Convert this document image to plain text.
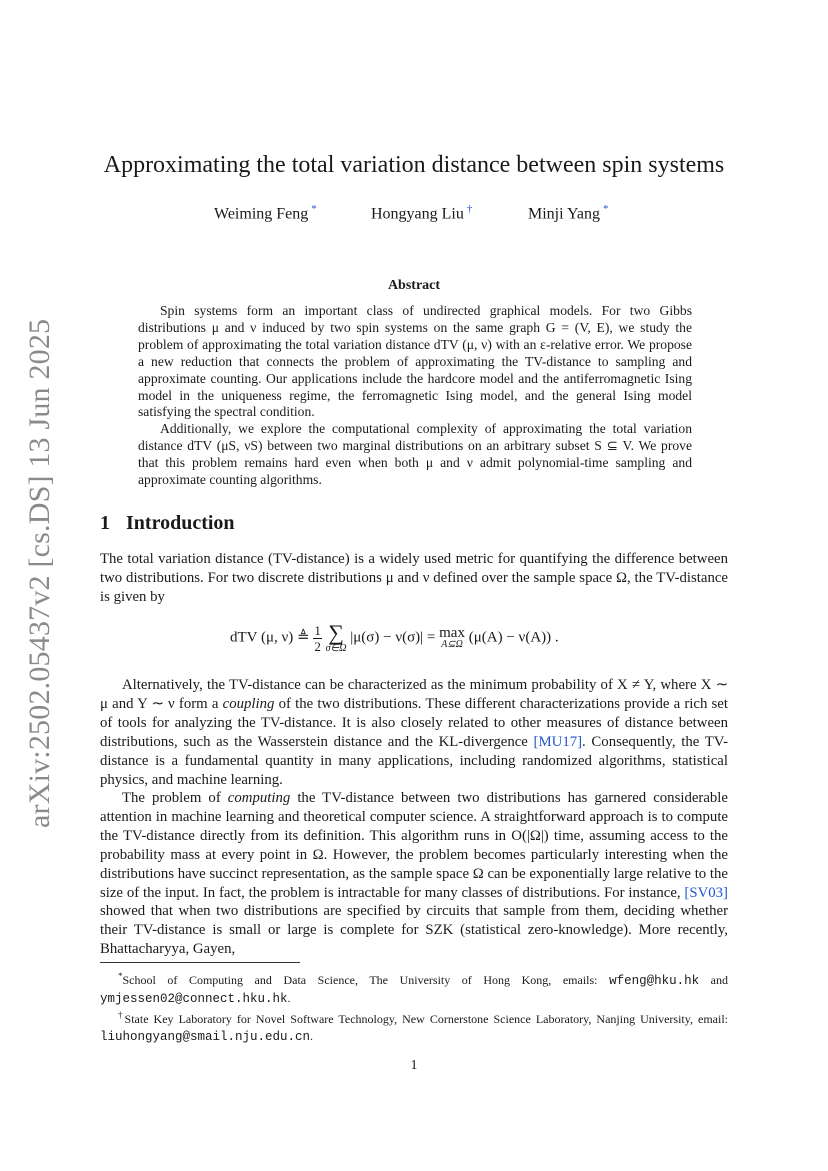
arXiv:2502.05437v2 [cs.DS] 13 Jun 2025
Approximating the total variation distance between spin systems
Weiming Feng *	Hongyang Liu †	Minji Yang *
Abstract

Spin systems form an important class of undirected graphical models. For two Gibbs distributions μ and ν induced by two spin systems on the same graph G = (V, E), we study the problem of approximating the total variation distance dTV (μ, ν) with an ε-relative error. We propose a new reduction that connects the problem of approximating the TV-distance to sampling and approximate counting. Our applications include the hardcore model and the antiferromagnetic Ising model in the uniqueness regime, the ferromagnetic Ising model, and the general Ising model satisfying the spectral condition.

Additionally, we explore the computational complexity of approximating the total variation distance dTV (μS, νS) between two marginal distributions on an arbitrary subset S ⊆ V. We prove that this problem remains hard even when both μ and ν admit polynomial-time sampling and approximate counting algorithms.

1 Introduction

The total variation distance (TV-distance) is a widely used metric for quantifying the difference between two distributions. For two discrete distributions μ and ν defined over the sample space Ω, the TV-distance is given by

dTV (μ, ν) ≜ $\frac{1}{2}$ ∑
σ∈Ω
|μ(σ) − ν(σ)| = max
A⊆Ω (μ(A) − ν(A)) .

Alternatively, the TV-distance can be characterized as the minimum probability of X ≠ Y, where X ∼ μ and Y ∼ ν form a coupling of the two distributions. These different characterizations provide a rich set of tools for analyzing the TV-distance. It is also closely related to other measures of distance between distributions, such as the Wasserstein distance and the KL-divergence [MU17]. Consequently, the TV-distance is a fundamental quantity in many applications, including randomized algorithms, statistical physics, and machine learning.

The problem of computing the TV-distance between two distributions has garnered considerable attention in machine learning and theoretical computer science. A straightforward approach is to compute the TV-distance directly from its definition. This algorithm runs in O(|Ω|) time, assuming access to the probability mass at every point in Ω. However, the problem becomes particularly interesting when the distributions have succinct representation, as the sample space Ω can be exponentially large relative to the size of the input. In fact, the problem is intractable for many classes of distributions. For instance, [SV03] showed that when two distributions are specified by circuits that sample from them, deciding whether their TV-distance is small or large is complete for SZK (statistical zero-knowledge). More recently, Bhattacharyya, Gayen,

*School of Computing and Data Science, The University of Hong Kong, emails: wfeng@hku.hk and ymjessen02@connect.hku.hk.

†State Key Laboratory for Novel Software Technology, New Cornerstone Science Laboratory, Nanjing University, email: liuhongyang@smail.nju.edu.cn.

1
